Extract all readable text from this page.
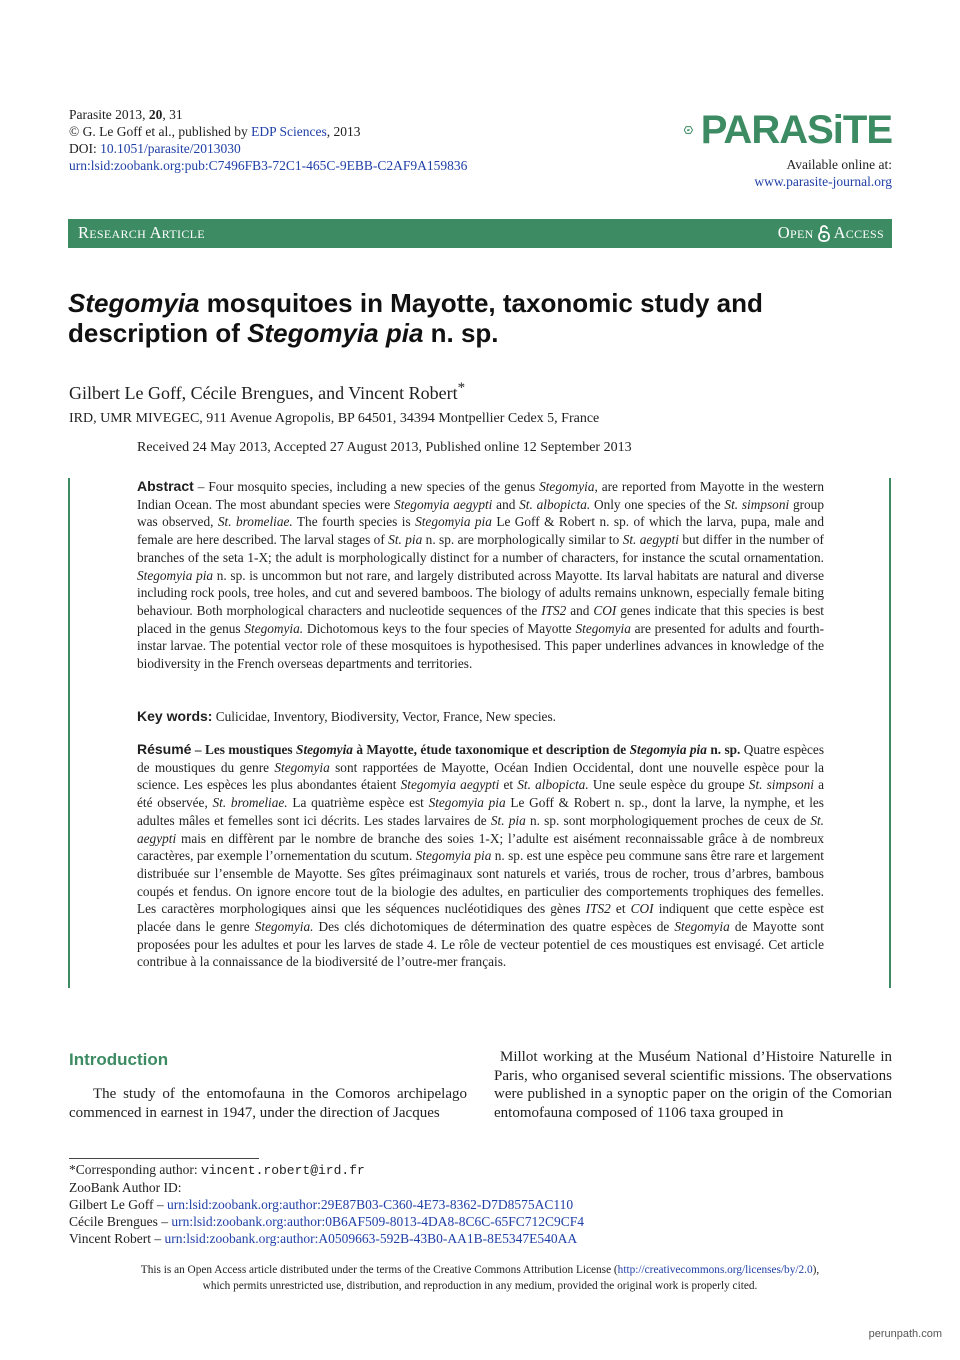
Parasite 2013, 20, 31
© G. Le Goff et al., published by EDP Sciences, 2013
DOI: 10.1051/parasite/2013030
urn:lsid:zoobank.org:pub:C7496FB3-72C1-465C-9EBB-C2AF9A159836
PARASiTE
Available online at:
www.parasite-journal.org
Research Article	Open Access
Stegomyia mosquitoes in Mayotte, taxonomic study and description of Stegomyia pia n. sp.
Gilbert Le Goff, Cécile Brengues, and Vincent Robert*
IRD, UMR MIVEGEC, 911 Avenue Agropolis, BP 64501, 34394 Montpellier Cedex 5, France
Received 24 May 2013, Accepted 27 August 2013, Published online 12 September 2013
Abstract – Four mosquito species, including a new species of the genus Stegomyia, are reported from Mayotte in the western Indian Ocean. The most abundant species were Stegomyia aegypti and St. albopicta. Only one species of the St. simpsoni group was observed, St. bromeliae. The fourth species is Stegomyia pia Le Goff & Robert n. sp. of which the larva, pupa, male and female are here described. The larval stages of St. pia n. sp. are morphologically similar to St. aegypti but differ in the number of branches of the seta 1-X; the adult is morphologically distinct for a number of characters, for instance the scutal ornamentation. Stegomyia pia n. sp. is uncommon but not rare, and largely distributed across Mayotte. Its larval habitats are natural and diverse including rock pools, tree holes, and cut and severed bamboos. The biology of adults remains unknown, especially female biting behaviour. Both morphological characters and nucleotide sequences of the ITS2 and COI genes indicate that this species is best placed in the genus Stegomyia. Dichotomous keys to the four species of Mayotte Stegomyia are presented for adults and fourth-instar larvae. The potential vector role of these mosquitoes is hypothesised. This paper underlines advances in knowledge of the biodiversity in the French overseas departments and territories.
Key words: Culicidae, Inventory, Biodiversity, Vector, France, New species.
Résumé – Les moustiques Stegomyia à Mayotte, étude taxonomique et description de Stegomyia pia n. sp. Quatre espèces de moustiques du genre Stegomyia sont rapportées de Mayotte, Océan Indien Occidental, dont une nouvelle espèce pour la science. Les espèces les plus abondantes étaient Stegomyia aegypti et St. albopicta. Une seule espèce du groupe St. simpsoni a été observée, St. bromeliae. La quatrième espèce est Stegomyia pia Le Goff & Robert n. sp., dont la larve, la nymphe, et les adultes mâles et femelles sont ici décrits. Les stades larvaires de St. pia n. sp. sont morphologiquement proches de ceux de St. aegypti mais en diffèrent par le nombre de branche des soies 1-X; l’adulte est aisément reconnaissable grâce à de nombreux caractères, par exemple l’ornementation du scutum. Stegomyia pia n. sp. est une espèce peu commune sans être rare et largement distribuée sur l’ensemble de Mayotte. Ses gîtes préimaginaux sont naturels et variés, trous de rocher, trous d’arbres, bambous coupés et fendus. On ignore encore tout de la biologie des adultes, en particulier des comportements trophiques des femelles. Les caractères morphologiques ainsi que les séquences nucléotidiques des gènes ITS2 et COI indiquent que cette espèce est placée dans le genre Stegomyia. Des clés dichotomiques de détermination des quatre espèces de Stegomyia de Mayotte sont proposées pour les adultes et pour les larves de stade 4. Le rôle de vecteur potentiel de ces moustiques est envisagé. Cet article contribue à la connaissance de la biodiversité de l’outre-mer français.
Introduction
The study of the entomofauna in the Comoros archipelago commenced in earnest in 1947, under the direction of Jacques
Millot working at the Muséum National d’Histoire Naturelle in Paris, who organised several scientific missions. The observations were published in a synoptic paper on the origin of the Comorian entomofauna composed of 1106 taxa grouped in
*Corresponding author: vincent.robert@ird.fr
ZooBank Author ID:
Gilbert Le Goff – urn:lsid:zoobank.org:author:29E87B03-C360-4E73-8362-D7D8575AC110
Cécile Brengues – urn:lsid:zoobank.org:author:0B6AF509-8013-4DA8-8C6C-65FC712C9CF4
Vincent Robert – urn:lsid:zoobank.org:author:A0509663-592B-43B0-AA1B-8E5347E540AA
This is an Open Access article distributed under the terms of the Creative Commons Attribution License (http://creativecommons.org/licenses/by/2.0),
which permits unrestricted use, distribution, and reproduction in any medium, provided the original work is properly cited.
perunpath.com
